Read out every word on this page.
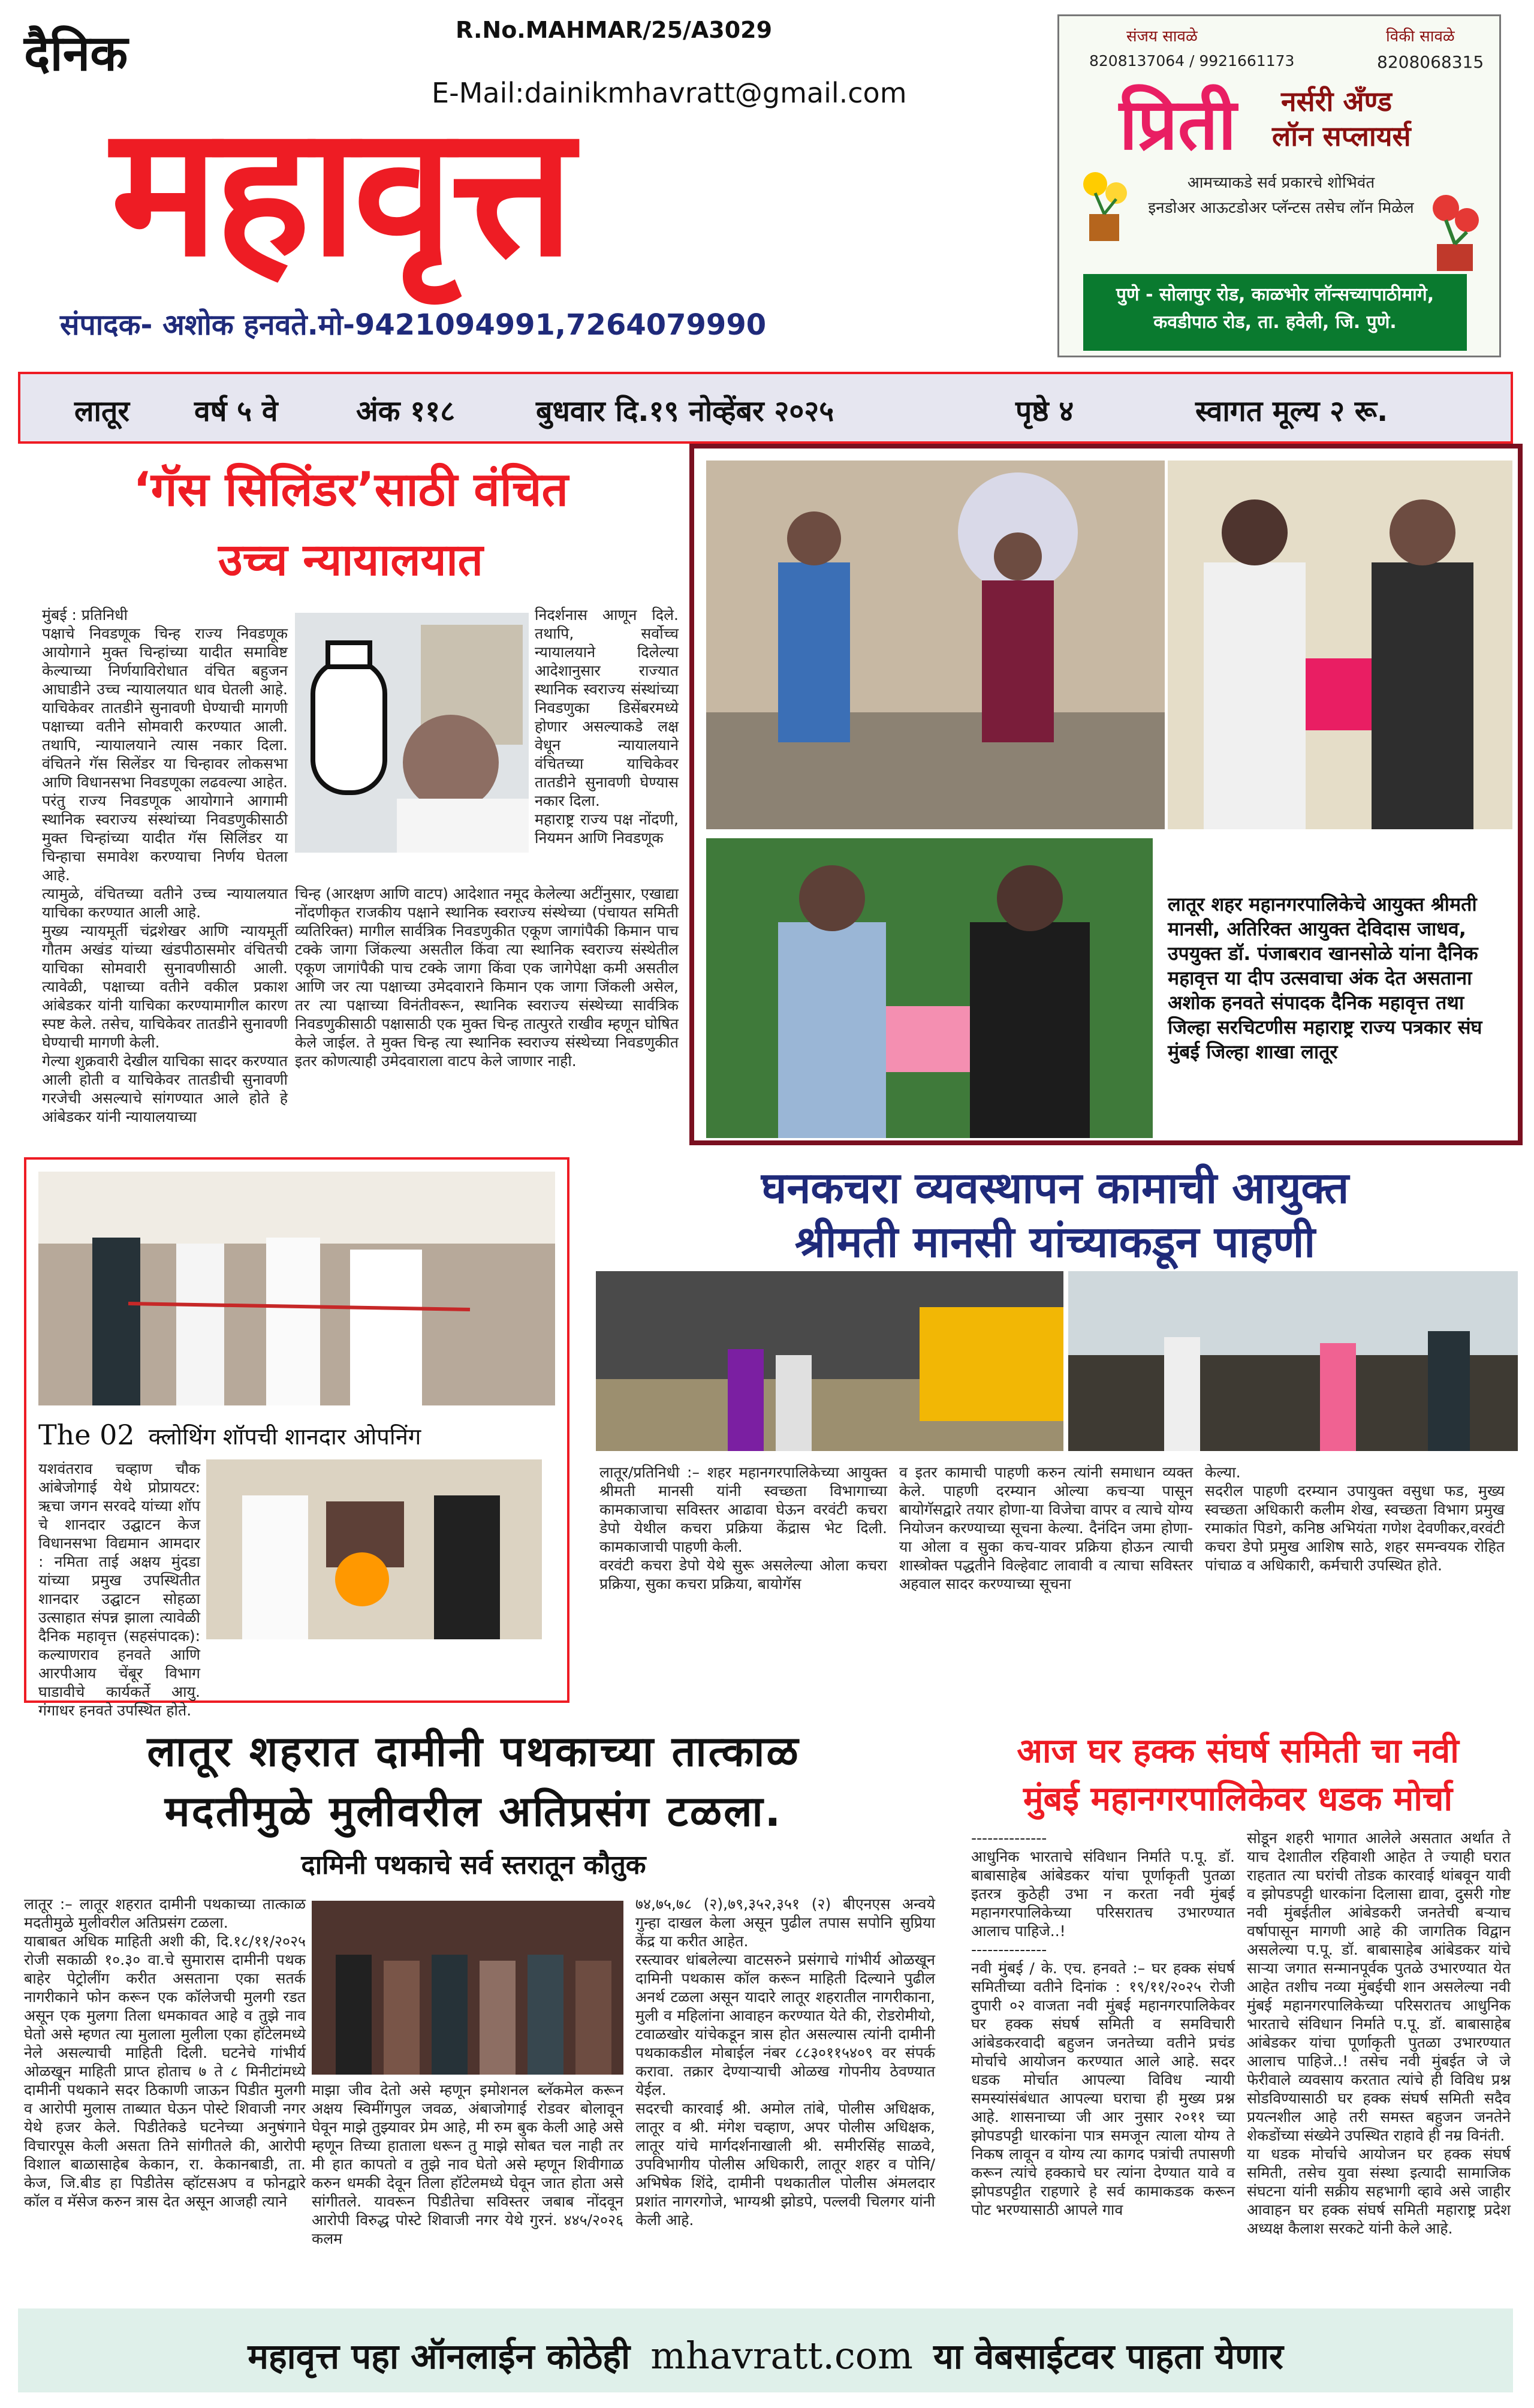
दैनिक	R.No.MAHMAR/25/A3029
E-Mail:dainikmhavratt@gmail.com
महावृत्त
संपादक- अशोक हनवते.मो-9421094991,7264079990
संजय सावळे
8208137064 / 9921661173
विकी सावळे
8208068315
प्रिती नर्सरी अँण्ड
लॉन सप्लायर्स
आमच्याकडे सर्व प्रकारचे शोभिवंत
इनडोअर आऊटडोअर प्लॅन्टस तसेच लॉन मिळेल
पुणे - सोलापुर रोड, काळभोर लॉन्सच्यापाठीमागे,
कवडीपाठ रोड, ता. हवेली, जि. पुणे.
लातूर वर्ष ५ वे	अंक ११८	बुधवार दि.१९ नोव्हेंबर २०२५	पृष्ठे ४	स्वागत मूल्य २ रू.
‘गॅस सिलिंडर’साठी वंचित
उच्च न्यायालयात
मुंबई : प्रतिनिधी
पक्षाचे निवडणूक चिन्ह राज्य निवडणूक आयोगाने मुक्त चिन्हांच्या यादीत समाविष्ट केल्याच्या निर्णयाविरोधात वंचित बहुजन आघाडीने उच्च न्यायालयात धाव घेतली आहे. याचिकेवर तातडीने सुनावणी घेण्याची मागणी पक्षाच्या वतीने सोमवारी करण्यात आली. तथापि, न्यायालयाने त्यास नकार दिला. वंचितने गॅस सिलेंडर या चिन्हावर लोकसभा आणि विधानसभा निवडणूका लढवल्या आहेत. परंतु राज्य निवडणूक आयोगाने आगामी स्थानिक स्वराज्य संस्थांच्या निवडणुकीसाठी मुक्त चिन्हांच्या यादीत गॅस सिलिंडर या चिन्हाचा समावेश करण्याचा निर्णय घेतला आहे.
त्यामुळे, वंचितच्या वतीने उच्च न्यायालयात याचिका करण्यात आली आहे.
मुख्य न्यायमूर्ती चंद्रशेखर आणि न्यायमूर्ती गौतम अखंड यांच्या खंडपीठासमोर वंचितची याचिका सोमवारी सुनावणीसाठी आली. त्यावेळी, पक्षाच्या वतीने वकील प्रकाश आंबेडकर यांनी याचिका करण्यामागील कारण स्पष्ट केले. तसेच, याचिकेवर तातडीने सुनावणी घेण्याची मागणी केली.
गेल्या शुक्रवारी देखील याचिका सादर करण्यात आली होती व याचिकेवर तातडीची सुनावणी गरजेची असल्याचे सांगण्यात आले होते हे आंबेडकर यांनी न्यायालयाच्या
निदर्शनास आणून दिले. तथापि, सर्वोच्च न्यायालयाने दिलेल्या आदेशानुसार राज्यात स्थानिक स्वराज्य संस्थांच्या निवडणुका डिसेंबरमध्ये होणार असल्याकडे लक्ष वेधून न्यायालयाने वंचितच्या याचिकेवर तातडीने सुनावणी घेण्यास नकार दिला.
महाराष्ट्र राज्य पक्ष नोंदणी, नियमन आणि निवडणूक
चिन्ह (आरक्षण आणि वाटप) आदेशात नमूद केलेल्या अटींनुसार, एखाद्या नोंदणीकृत राजकीय पक्षाने स्थानिक स्वराज्य संस्थेच्या (पंचायत समिती व्यतिरिक्त) मागील सार्वत्रिक निवडणुकीत एकूण जागांपैकी किमान पाच टक्के जागा जिंकल्या असतील किंवा त्या स्थानिक स्वराज्य संस्थेतील एकूण जागांपैकी पाच टक्के जागा किंवा एक जागेपेक्षा कमी असतील आणि जर त्या पक्षाच्या उमेदवाराने किमान एक जागा जिंकली असेल, तर त्या पक्षाच्या विनंतीवरून, स्थानिक स्वराज्य संस्थेच्या सार्वत्रिक निवडणुकीसाठी पक्षासाठी एक मुक्त चिन्ह तात्पुरते राखीव म्हणून घोषित केले जाईल. ते मुक्त चिन्ह त्या स्थानिक स्वराज्य संस्थेच्या निवडणुकीत इतर कोणत्याही उमेदवाराला वाटप केले जाणार नाही.
लातूर शहर महानगरपालिकेचे आयुक्त श्रीमती मानसी, अतिरिक्त आयुक्त देविदास जाधव, उपयुक्त डॉ. पंजाबराव खानसोळे यांना दैनिक महावृत्त या दीप उत्सवाचा अंक देत असताना अशोक हनवते संपादक दैनिक महावृत्त तथा जिल्हा सरचिटणीस महाराष्ट्र राज्य पत्रकार संघ मुंबई जिल्हा शाखा लातूर
The 02 क्लोथिंग शॉपची शानदार ओपनिंग
यशवंतराव चव्हाण चौक आंबेजोगाई येथे प्रोप्रायटर: ऋचा जगन सरवदे यांच्या शॉप चे शानदार उद्घाटन केज विधानसभा विद्यमान आमदार : नमिता ताई अक्षय मुंदडा यांच्या प्रमुख उपस्थितीत शानदार उद्घाटन सोहळा उत्साहात संपन्न झाला त्यावेळी दैनिक महावृत्त (सहसंपादक): कल्याणराव हनवते आणि आरपीआय चेंबूर विभाग घाडावीचे कार्यकर्ते आयु. गंगाधर हनवते उपस्थित होते.
घनकचरा व्यवस्थापन कामाची आयुक्त
श्रीमती मानसी यांच्याकडून पाहणी
लातूर/प्रतिनिधी :– शहर महानगरपालिकेच्या आयुक्त श्रीमती मानसी यांनी स्वच्छता विभागाच्या कामकाजाचा सविस्तर आढावा घेऊन वरवंटी कचरा डेपो येथील कचरा प्रक्रिया केंद्रास भेट दिली. कामकाजाची पाहणी केली.
वरवंटी कचरा डेपो येथे सुरू असलेल्या ओला कचरा प्रक्रिया, सुका कचरा प्रक्रिया, बायोगॅस
व इतर कामाची पाहणी करुन त्यांनी समाधान व्यक्त केले. पाहणी दरम्यान ओल्या कचऱ्या पासून बायोगॅसद्वारे तयार होणा-या विजेचा वापर व त्याचे योग्य नियोजन करण्याच्या सूचना केल्या. दैनंदिन जमा होणा-या ओला व सुका कच-यावर प्रक्रिया होऊन त्याची शास्त्रोक्त पद्धतीने विल्हेवाट लावावी व त्याचा सविस्तर अहवाल सादर करण्याच्या सूचना
केल्या.
सदरील पाहणी दरम्यान उपायुक्त वसुधा फड, मुख्य स्वच्छता अधिकारी कलीम शेख, स्वच्छता विभाग प्रमुख रमाकांत पिडगे, कनिष्ठ अभियंता गणेश देवणीकर,वरवंटी कचरा डेपो प्रमुख आशिष साठे, शहर समन्वयक रोहित पांचाळ व अधिकारी, कर्मचारी उपस्थित होते.
लातूर शहरात दामीनी पथकाच्या तात्काळ
मदतीमुळे मुलीवरील अतिप्रसंग टळला.
दामिनी पथकाचे सर्व स्तरातून कौतुक
लातूर :– लातूर शहरात दामीनी पथकाच्या तात्काळ मदतीमुळे मुलीवरील अतिप्रसंग टळला.
याबाबत अधिक माहिती अशी की, दि.१८/११/२०२५ रोजी सकाळी १०.३० वा.चे सुमारास दामीनी पथक बाहेर पेट्रोलींग करीत असताना एका सतर्क नागरीकाने फोन करून एक कॉलेजची मुलगी रडत असून एक मुलगा तिला धमकावत आहे व तुझे नाव घेतो असे म्हणत त्या मुलाला मुलीला एका हॉटेलमध्ये नेले असल्याची माहिती दिली. घटनेचे गांभीर्य ओळखून माहिती प्राप्त होताच ७ ते ८ मिनीटांमध्ये दामीनी पथकाने सदर ठिकाणी जाऊन पिडीत मुलगी व आरोपी मुलास ताब्यात घेऊन पोस्टे शिवाजी नगर येथे हजर केले. पिडीतेकडे घटनेच्या अनुषंगाने विचारपूस केली असता तिने सांगीतले की, आरोपी विशाल बाळासाहेब केकान, रा. केकानबाडी, ता. केज, जि.बीड हा पिडीतेस व्हॉटसअप व फोनद्वारे कॉल व मॅसेज करुन त्रास देत असून आजही त्याने
माझा जीव देतो असे म्हणून इमोशनल ब्लॅकमेल करून अक्षय स्विमींगपुल जवळ, अंबाजोगाई रोडवर बोलावून घेवून माझे तुझ्यावर प्रेम आहे, मी रुम बुक केली आहे असे म्हणून तिच्या हाताला धरून तु माझे सोबत चल नाही तर मी हात कापतो व तुझे नाव घेतो असे म्हणून शिवीगाळ करुन धमकी देवून तिला हॉटेलमध्ये घेवून जात होता असे सांगीतले. यावरून पिडीतेचा सविस्तर जबाब नोंदवून आरोपी विरुद्ध पोस्टे शिवाजी नगर येथे गुरनं. ४४५/२०२६ कलम
७४,७५,७८ (२),७९,३५२,३५१ (२) बीएनएस अन्वये गुन्हा दाखल केला असून पुढील तपास सपोनि सुप्रिया केंद्र या करीत आहेत.
रस्त्यावर धांबलेल्या वाटसरुने प्रसंगाचे गांभीर्य ओळखून दामिनी पथकास कॉल करून माहिती दिल्याने पुढील अनर्थ टळला असून यादारे लातूर शहरातील नागरीकाना, मुली व महिलांना आवाहन करण्यात येते की, रोडरोमीयो, टवाळखोर यांचेकडून त्रास होत असल्यास त्यांनी दामीनी पथकाकडील मोबाईल नंबर ८८३०११५४०९ वर संपर्क करावा. तक्रार देण्याऱ्याची ओळख गोपनीय ठेवण्यात येईल.
सदरची कारवाई श्री. अमोल तांबे, पोलीस अधिक्षक, लातूर व श्री. मंगेश चव्हाण, अपर पोलीस अधिक्षक, लातूर यांचे मार्गदर्शनाखाली श्री. समीरसिंह साळवे, उपविभागीय पोलीस अधिकारी, लातूर शहर व पोनि/अभिषेक शिंदे, दामीनी पथकातील पोलीस अंमलदार प्रशांत नागरगोजे, भाग्यश्री झोडपे, पल्लवी चिलगर यांनी केली आहे.
आज घर हक्क संघर्ष समिती चा नवी
मुंबई महानगरपालिकेवर धडक मोर्चा
--------------
आधुनिक भारताचे संविधान निर्माते प.पू. डॉ. बाबासाहेब आंबेडकर यांचा पूर्णाकृती पुतळा इतरत्र कुठेही उभा न करता नवी मुंबई महानगरपालिकेच्या परिसरातच उभारण्यात आलाच पाहिजे..!
--------------
नवी मुंबई / के. एच. हनवते :– घर हक्क संघर्ष समितीच्या वतीने दिनांक : १९/११/२०२५ रोजी दुपारी ०२ वाजता नवी मुंबई महानगरपालिकेवर घर हक्क संघर्ष समिती व समविचारी आंबेडकरवादी बहुजन जनतेच्या वतीने प्रचंड मोर्चाचे आयोजन करण्यात आले आहे. सदर धडक मोर्चात आपल्या विविध न्यायी समस्यांसंबंधात आपल्या घराचा ही मुख्य प्रश्न आहे. शासनाच्या जी आर नुसार २०११ च्या झोपडपट्टी धारकांना पात्र समजून त्याला योग्य ते निकष लावून व योग्य त्या कागद पत्रांची तपासणी करून त्यांचे हक्काचे घर त्यांना देण्यात यावे व झोपडपट्टीत राहणारे हे सर्व कामाकडक करून पोट भरण्यासाठी आपले गाव
सोडून शहरी भागात आलेले असतात अर्थात ते याच देशातील रहिवाशी आहेत ते ज्याही घरात राहतात त्या घरांची तोडक कारवाई थांबवून यावी व झोपडपट्टी धारकांना दिलासा द्यावा, दुसरी गोष्ट नवी मुंबईतील आंबेडकरी जनतेची बऱ्याच वर्षापासून मागणी आहे की जागतिक विद्वान असलेल्या प.पू. डॉ. बाबासाहेब आंबेडकर यांचे साऱ्या जगात सन्मानपूर्वक पुतळे उभारण्यात येत आहेत तशीच नव्या मुंबईची शान असलेल्या नवी मुंबई महानगरपालिकेच्या परिसरातच आधुनिक भारताचे संविधान निर्माते प.पू. डॉ. बाबासाहेब आंबेडकर यांचा पूर्णाकृती पुतळा उभारण्यात आलाच पाहिजे..! तसेच नवी मुंबईत जे जे फेरीवाले व्यवसाय करतात त्यांचे ही विविध प्रश्न सोडविण्यासाठी घर हक्क संघर्ष समिती सदैव प्रयत्नशील आहे तरी समस्त बहुजन जनतेने शेकडोंच्या संख्येने उपस्थित राहावे ही नम्र विनंती.
या धडक मोर्चाचे आयोजन घर हक्क संघर्ष समिती, तसेच युवा संस्था इत्यादी सामाजिक संघटना यांनी सक्रीय सहभागी व्हावे असे जाहीर आवाहन घर हक्क संघर्ष समिती महाराष्ट्र प्रदेश अध्यक्ष कैलाश सरकटे यांनी केले आहे.
महावृत्त पहा ऑनलाईन कोठेही mhavratt.com या वेबसाईटवर पाहता येणार
